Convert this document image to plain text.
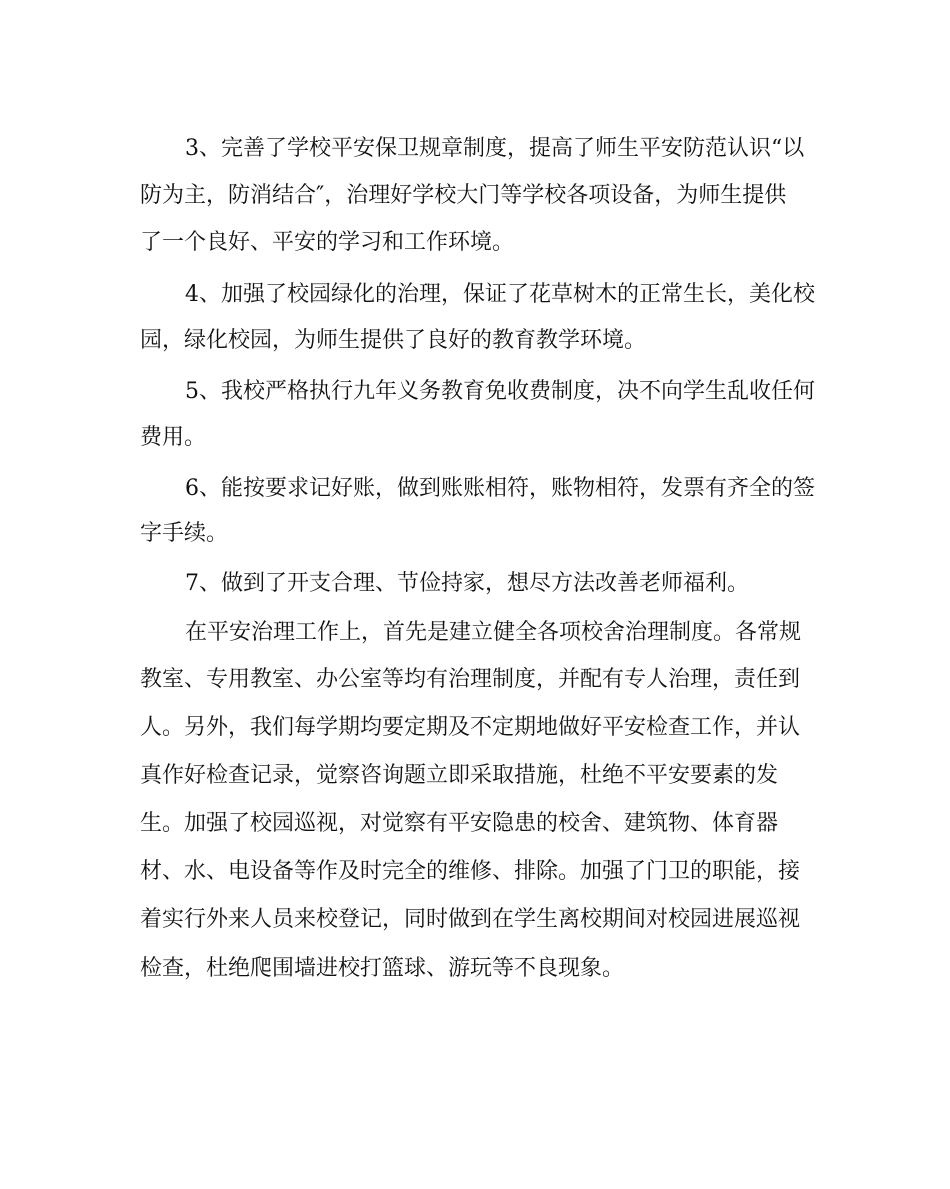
3、完善了学校平安保卫规章制度，提高了师生平安防范认识“以
防为主，防消结合″，治理好学校大门等学校各项设备，为师生提供
了一个良好、平安的学习和工作环境。
4、加强了校园绿化的治理，保证了花草树木的正常生长，美化校
园，绿化校园，为师生提供了良好的教育教学环境。
5、我校严格执行九年义务教育免收费制度，决不向学生乱收任何
费用。
6、能按要求记好账，做到账账相符，账物相符，发票有齐全的签
字手续。
7、做到了开支合理、节俭持家，想尽方法改善老师福利。
在平安治理工作上，首先是建立健全各项校舍治理制度。各常规
教室、专用教室、办公室等均有治理制度，并配有专人治理，责任到
人。另外，我们每学期均要定期及不定期地做好平安检查工作，并认
真作好检查记录，觉察咨询题立即采取措施，杜绝不平安要素的发
生。加强了校园巡视，对觉察有平安隐患的校舍、建筑物、体育器
材、水、电设备等作及时完全的维修、排除。加强了门卫的职能，接
着实行外来人员来校登记，同时做到在学生离校期间对校园进展巡视
检查，杜绝爬围墙进校打篮球、游玩等不良现象。
